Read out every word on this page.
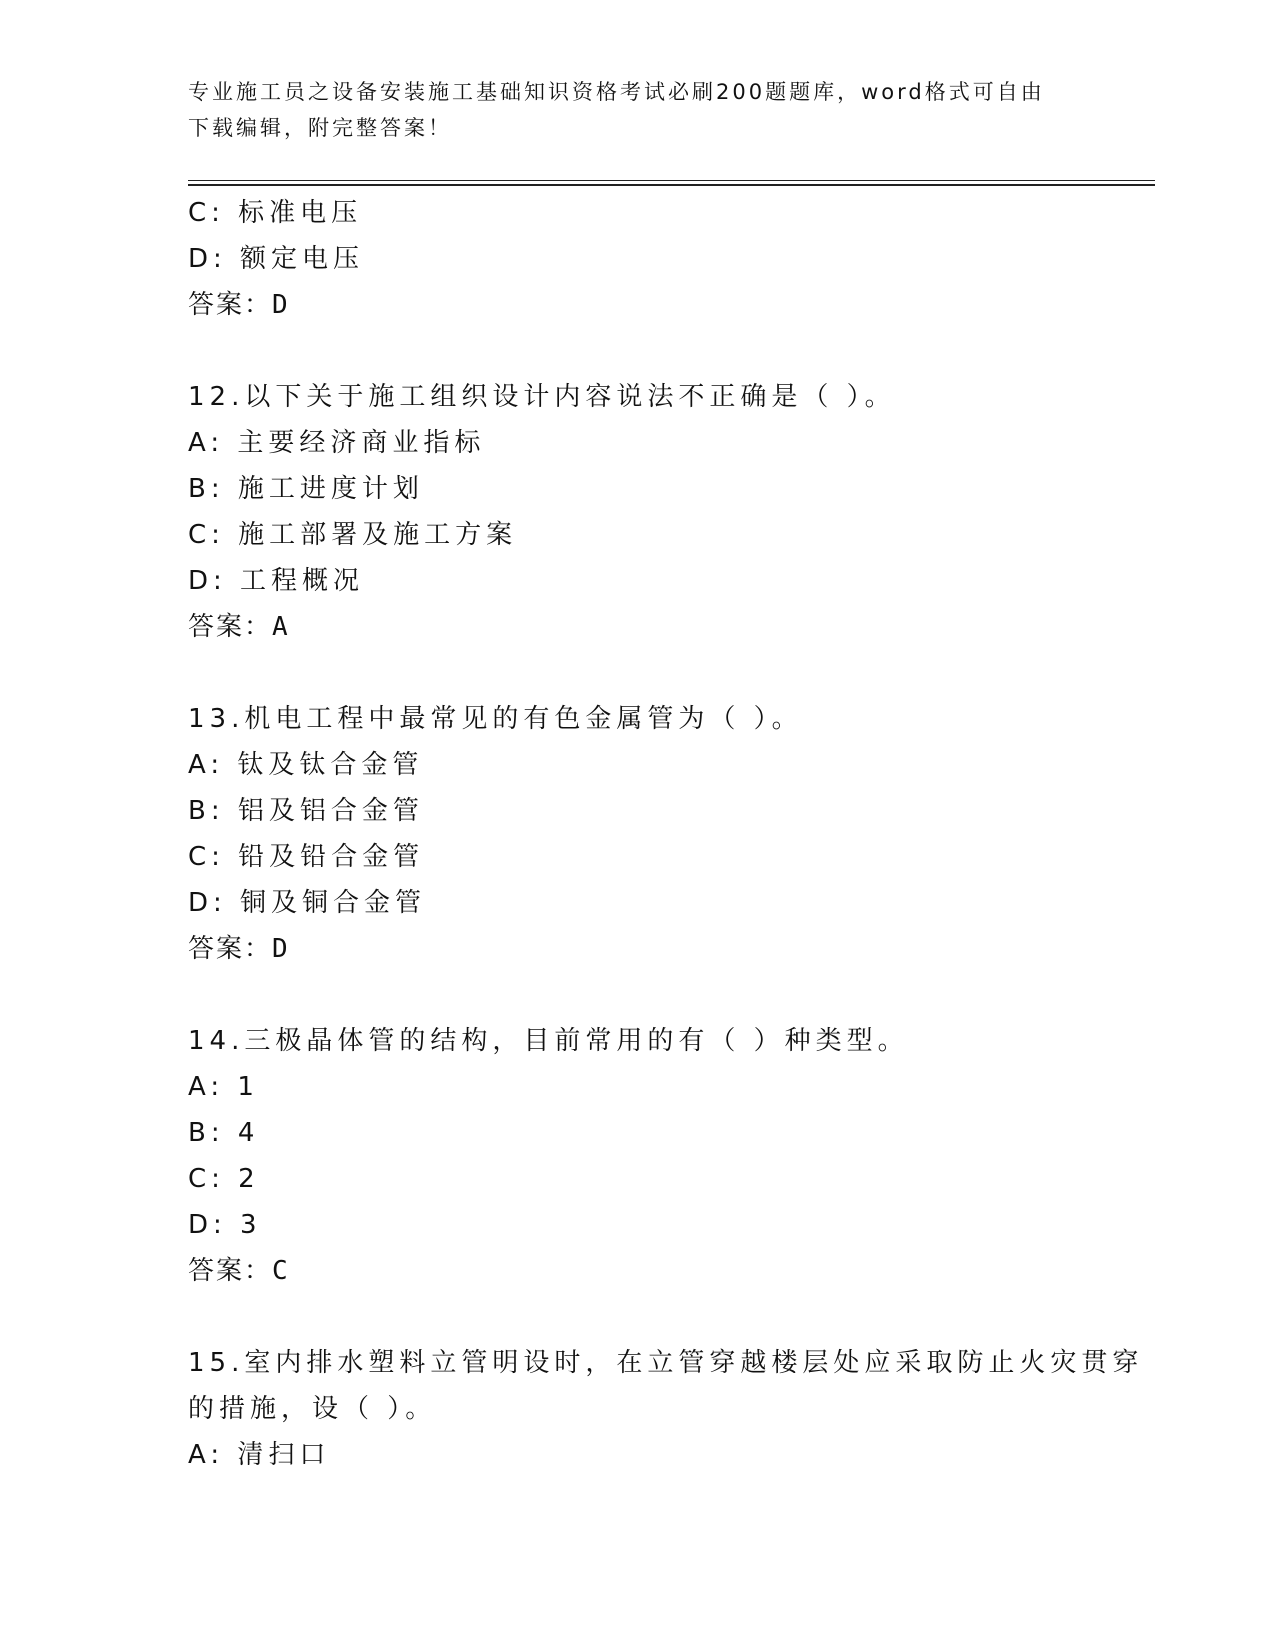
专业施工员之设备安装施工基础知识资格考试必刷200题题库，word格式可自由
下载编辑，附完整答案！
C: 标准电压
D: 额定电压
答案：D
12.以下关于施工组织设计内容说法不正确是（ ）。
A: 主要经济商业指标
B: 施工进度计划
C: 施工部署及施工方案
D: 工程概况
答案：A
13.机电工程中最常见的有色金属管为（ ）。
A: 钛及钛合金管
B: 铝及铝合金管
C: 铅及铅合金管
D: 铜及铜合金管
答案：D
14.三极晶体管的结构，目前常用的有（ ）种类型。
A: 1
B: 4
C: 2
D: 3
答案：C
15.室内排水塑料立管明设时，在立管穿越楼层处应采取防止火灾贯穿
的措施，设（ ）。
A: 清扫口
